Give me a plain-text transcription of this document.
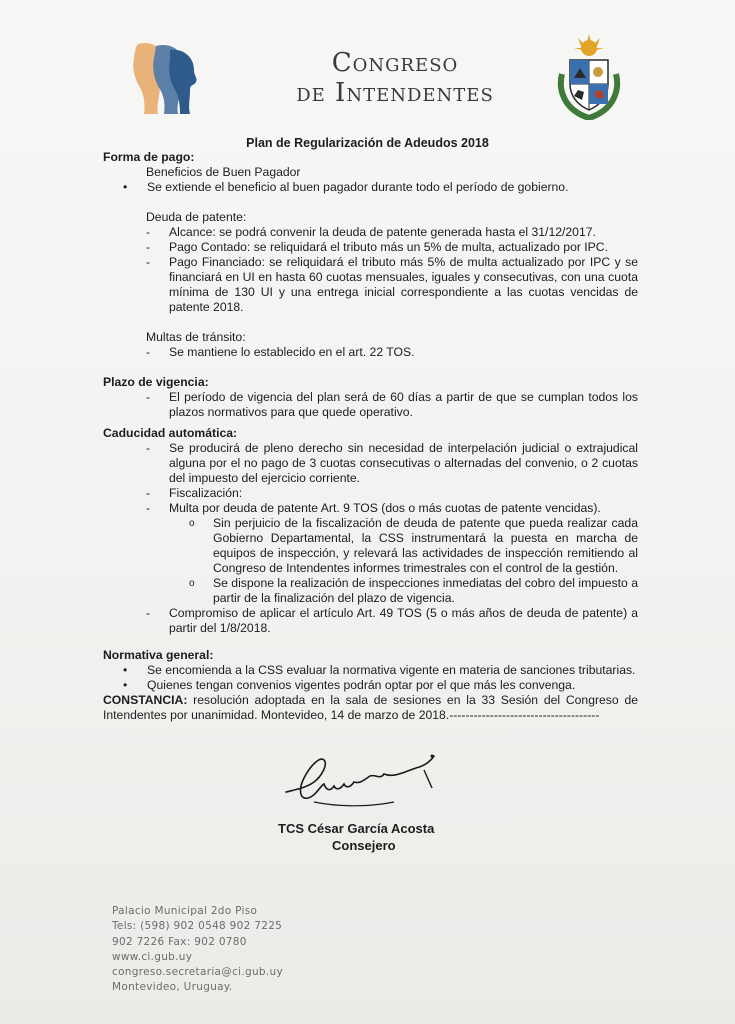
Congreso
de Intendentes
Plan de Regularización de Adeudos 2018
Forma de pago:
Beneficios de Buen Pagador
• Se extiende el beneficio al buen pagador durante todo el período de gobierno.
Deuda de patente:
- Alcance: se podrá convenir la deuda de patente generada hasta el 31/12/2017.
- Pago Contado: se reliquidará el tributo más un 5% de multa, actualizado por IPC.
- Pago Financiado: se reliquidará el tributo más 5% de multa actualizado por IPC y se financiará en UI en hasta 60 cuotas mensuales, iguales y consecutivas, con una cuota mínima de 130 UI y una entrega inicial correspondiente a las cuotas vencidas de patente 2018.
Multas de tránsito:
- Se mantiene lo establecido en el art. 22 TOS.
Plazo de vigencia:
- El período de vigencia del plan será de 60 días a partir de que se cumplan todos los plazos normativos para que quede operativo.
Caducidad automática:
- Se producirá de pleno derecho sin necesidad de interpelación judicial o extrajudical alguna por el no pago de 3 cuotas consecutivas o alternadas del convenio, o 2 cuotas del impuesto del ejercicio corriente.
- Fiscalización:
- Multa por deuda de patente Art. 9 TOS (dos o más cuotas de patente vencidas).
o Sin perjuicio de la fiscalización de deuda de patente que pueda realizar cada Gobierno Departamental, la CSS instrumentará la puesta en marcha de equipos de inspección, y relevará las actividades de inspección remitiendo al Congreso de Intendentes informes trimestrales con el control de la gestión.
o Se dispone la realización de inspecciones inmediatas del cobro del impuesto a partir de la finalización del plazo de vigencia.
- Compromiso de aplicar el artículo Art. 49 TOS (5 o más años de deuda de patente) a partir del 1/8/2018.
Normativa general:
• Se encomienda a la CSS evaluar la normativa vigente en materia de sanciones tributarias.
• Quienes tengan convenios vigentes podrán optar por el que más les convenga.
CONSTANCIA: resolución adoptada en la sala de sesiones en la 33 Sesión del Congreso de Intendentes por unanimidad. Montevideo, 14 de marzo de 2018.-------------------------------------
TCS César García Acosta
Consejero
Palacio Municipal 2do Piso
Tels: (598) 902 0548 902 7225
902 7226 Fax: 902 0780
www.ci.gub.uy
congreso.secretaria@ci.gub.uy
Montevideo, Uruguay.
